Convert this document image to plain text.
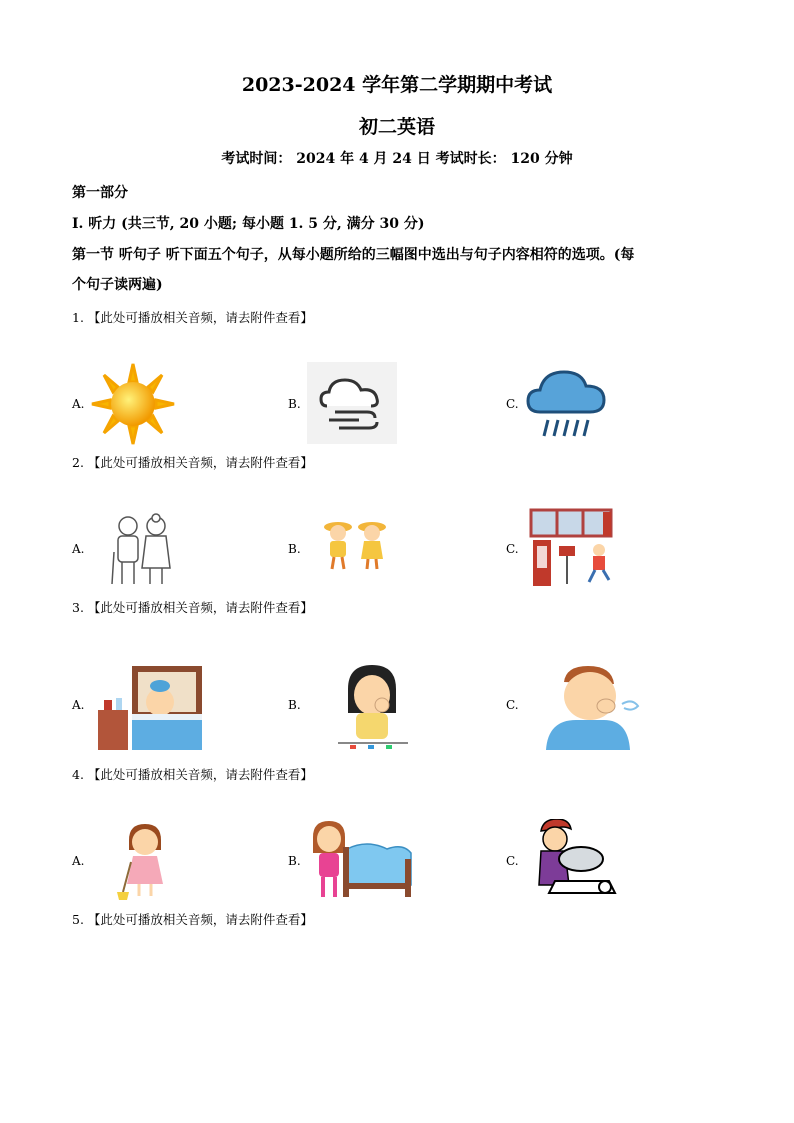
2023-2024 学年第二学期期中考试
初二英语
考试时间： 2024 年 4 月 24 日 考试时长： 120 分钟
第一部分
I. 听力 (共三节, 20 小题; 每小题 1. 5 分, 满分 30 分)
第一节 听句子 听下面五个句子，从每小题所给的三幅图中选出与句子内容相符的选项。(每
个句子读两遍)
1. 【此处可播放相关音频，请去附件查看】
A.	B.	C.
2. 【此处可播放相关音频，请去附件查看】
A.	B.	C.
3. 【此处可播放相关音频，请去附件查看】
A.	B.	C.
4. 【此处可播放相关音频，请去附件查看】
A.	B.	C.
5. 【此处可播放相关音频，请去附件查看】
